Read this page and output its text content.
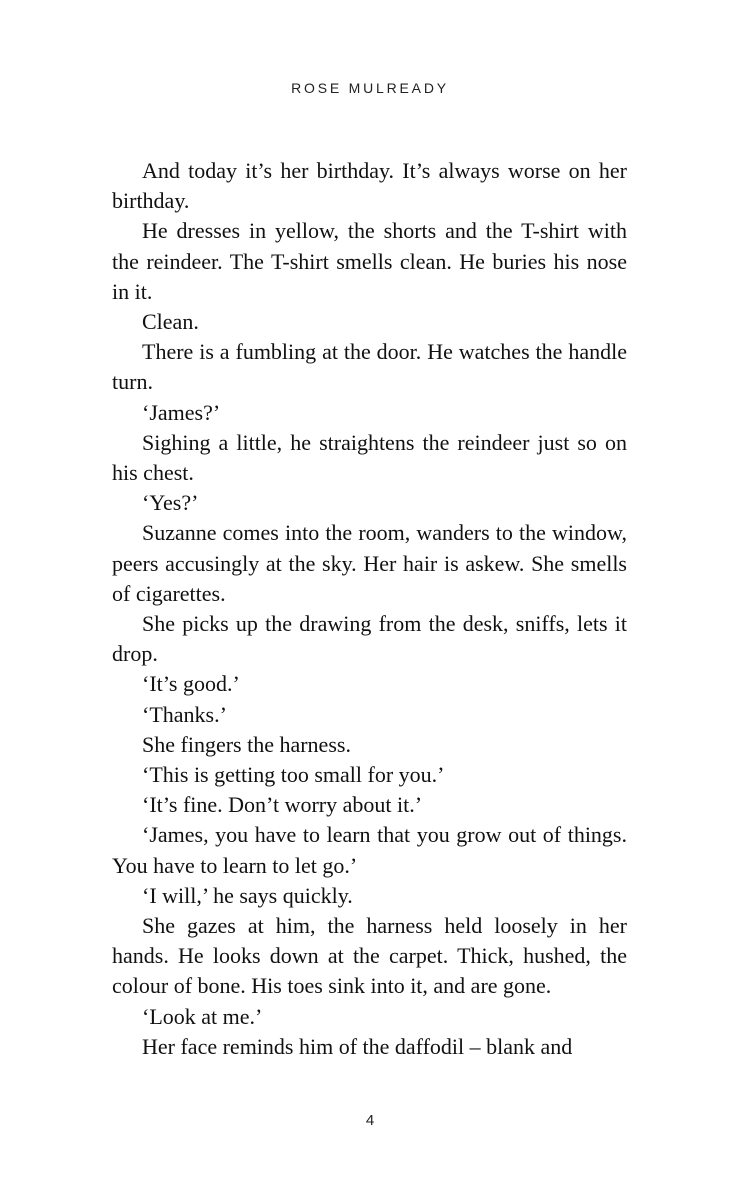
ROSE MULREADY

And today it’s her birthday. It’s always worse on her birthday.

He dresses in yellow, the shorts and the T-shirt with the reindeer. The T-shirt smells clean. He buries his nose in it.

Clean.

There is a fumbling at the door. He watches the handle turn.

‘James?’

Sighing a little, he straightens the reindeer just so on his chest.

‘Yes?’

Suzanne comes into the room, wanders to the window, peers accusingly at the sky. Her hair is askew. She smells of cigarettes.

She picks up the drawing from the desk, sniffs, lets it drop.

‘It’s good.’

‘Thanks.’

She fingers the harness.

‘This is getting too small for you.’

‘It’s fine. Don’t worry about it.’

‘James, you have to learn that you grow out of things. You have to learn to let go.’

‘I will,’ he says quickly.

She gazes at him, the harness held loosely in her hands. He looks down at the carpet. Thick, hushed, the colour of bone. His toes sink into it, and are gone.

‘Look at me.’

Her face reminds him of the daffodil – blank and

4
